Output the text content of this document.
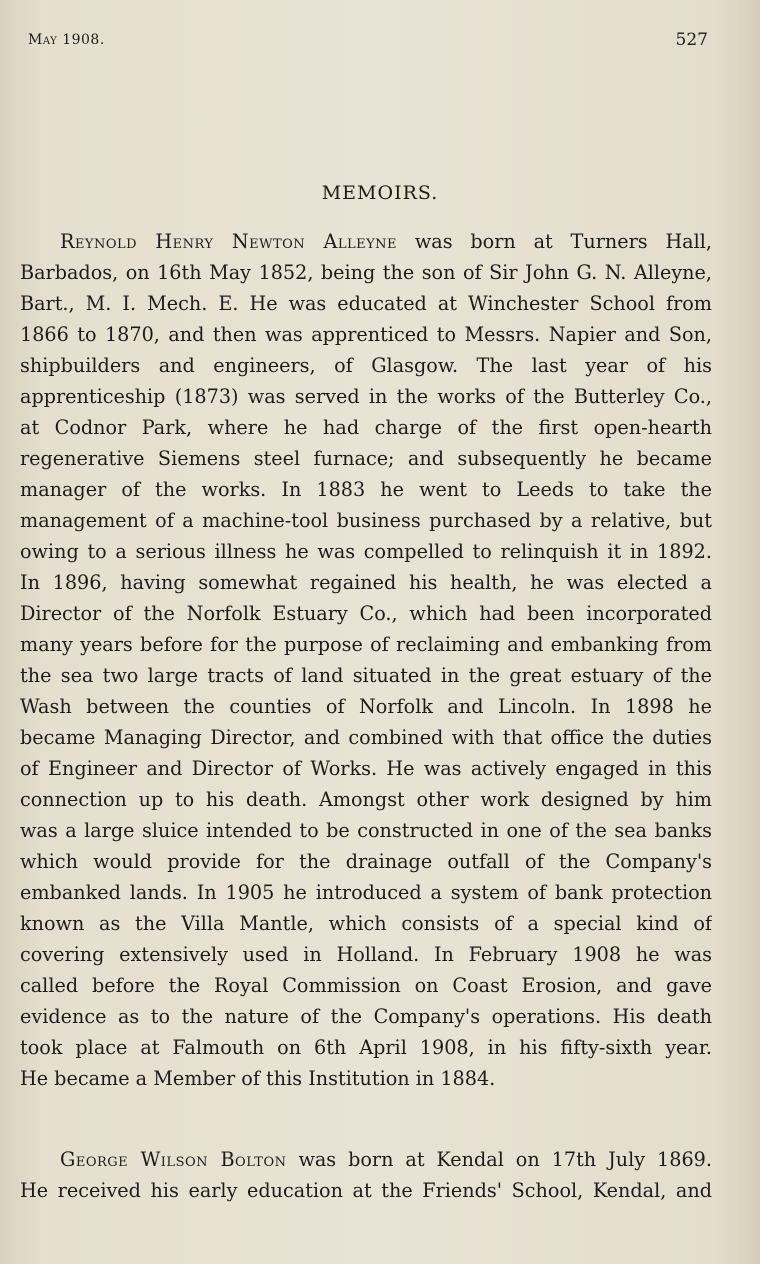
May 1908.	527
MEMOIRS.
Reynold Henry Newton Alleyne was born at Turners Hall,
Barbados, on 16th May 1852, being the son of Sir John G. N. Alleyne,
Bart., M. I. Mech. E. He was educated at Winchester School from
1866 to 1870, and then was apprenticed to Messrs. Napier and Son,
shipbuilders and engineers, of Glasgow. The last year of his
apprenticeship (1873) was served in the works of the Butterley Co.,
at Codnor Park, where he had charge of the first open-hearth
regenerative Siemens steel furnace; and subsequently he became
manager of the works. In 1883 he went to Leeds to take the
management of a machine-tool business purchased by a relative, but
owing to a serious illness he was compelled to relinquish it in 1892.
In 1896, having somewhat regained his health, he was elected a
Director of the Norfolk Estuary Co., which had been incorporated
many years before for the purpose of reclaiming and embanking from
the sea two large tracts of land situated in the great estuary of the
Wash between the counties of Norfolk and Lincoln. In 1898 he
became Managing Director, and combined with that office the duties
of Engineer and Director of Works. He was actively engaged in this
connection up to his death. Amongst other work designed by him
was a large sluice intended to be constructed in one of the sea banks
which would provide for the drainage outfall of the Company's
embanked lands. In 1905 he introduced a system of bank protection
known as the Villa Mantle, which consists of a special kind of
covering extensively used in Holland. In February 1908 he was
called before the Royal Commission on Coast Erosion, and gave
evidence as to the nature of the Company's operations. His death
took place at Falmouth on 6th April 1908, in his fifty-sixth year.
He became a Member of this Institution in 1884.
George Wilson Bolton was born at Kendal on 17th July 1869.
He received his early education at the Friends' School, Kendal, and
